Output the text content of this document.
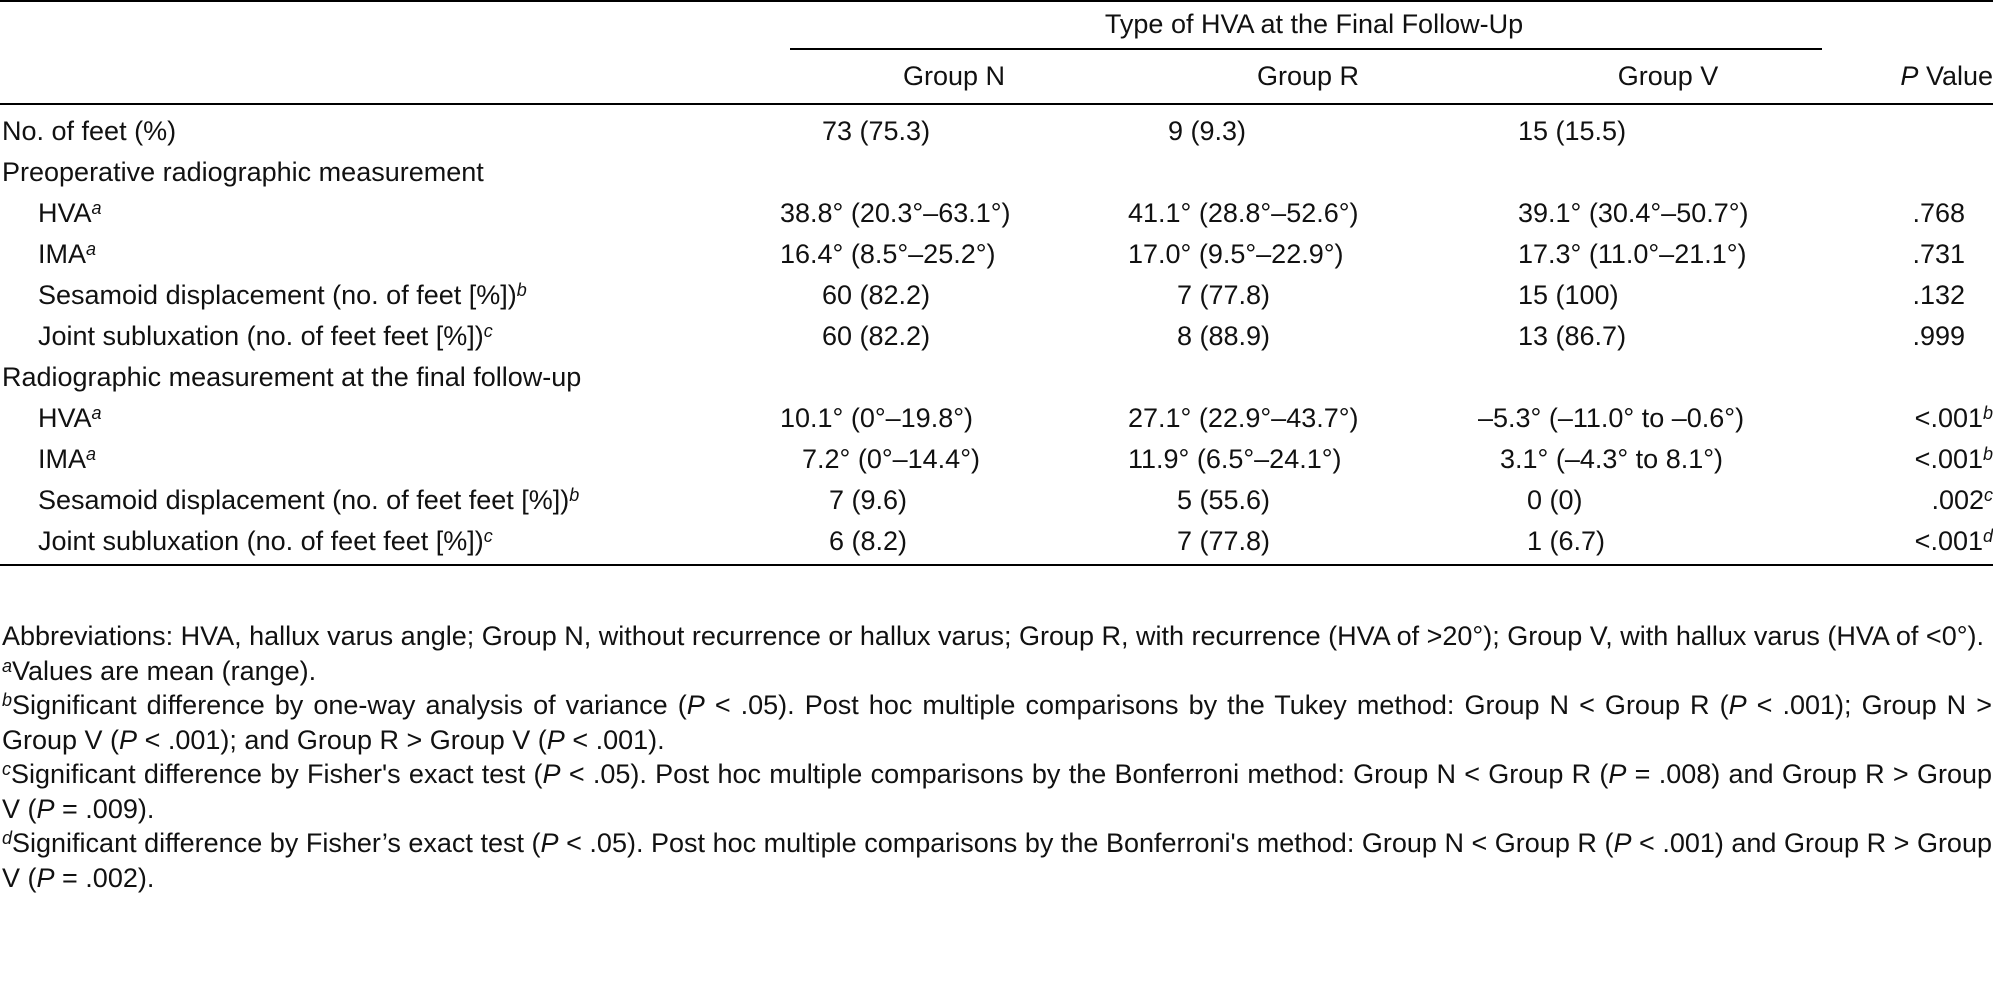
	Type of HVA at the Final Follow-Up		

	Group N	Group R	Group V	P Value
No. of feet (%)	73 (75.3)	9 (9.3)	15 (15.5)	
Preoperative radiographic measurement				
HVA$^a$	38.8° (20.3°–63.1°)	41.1° (28.8°–52.6°)	39.1° (30.4°–50.7°)	.768
IMA$^a$	16.4° (8.5°–25.2°)	17.0° (9.5°–22.9°)	17.3° (11.0°–21.1°)	.731
Sesamoid displacement (no. of feet [%])$^b$	60 (82.2)	7 (77.8)	15 (100)	.132
Joint subluxation (no. of feet feet [%])$^c$	60 (82.2)	8 (88.9)	13 (86.7)	.999
Radiographic measurement at the final follow-up				
HVA$^a$	10.1° (0°–19.8°)	27.1° (22.9°–43.7°)	–5.3° (–11.0° to –0.6°)	<.001$^b$
IMA$^a$	7.2° (0°–14.4°)	11.9° (6.5°–24.1°)	3.1° (–4.3° to 8.1°)	<.001$^b$
Sesamoid displacement (no. of feet feet [%])$^b$	7 (9.6)	5 (55.6)	0 (0)	.002$^c$
Joint subluxation (no. of feet feet [%])$^c$	6 (8.2)	7 (77.8)	1 (6.7)	<.001$^d$

Abbreviations: HVA, hallux varus angle; Group N, without recurrence or hallux varus; Group R, with recurrence (HVA of >20°); Group V, with hallux varus (HVA of <0°).

$^a$Values are mean (range).

$^b$Significant difference by one-way analysis of variance (P < .05). Post hoc multiple comparisons by the Tukey method: Group N < Group R (P < .001); Group N > Group V (P < .001); and Group R > Group V (P < .001).

$^c$Significant difference by Fisher's exact test (P < .05). Post hoc multiple comparisons by the Bonferroni method: Group N < Group R (P = .008) and Group R > Group V (P = .009).

$^d$Significant difference by Fisher’s exact test (P < .05). Post hoc multiple comparisons by the Bonferroni's method: Group N < Group R (P < .001) and Group R > Group V (P = .002).
